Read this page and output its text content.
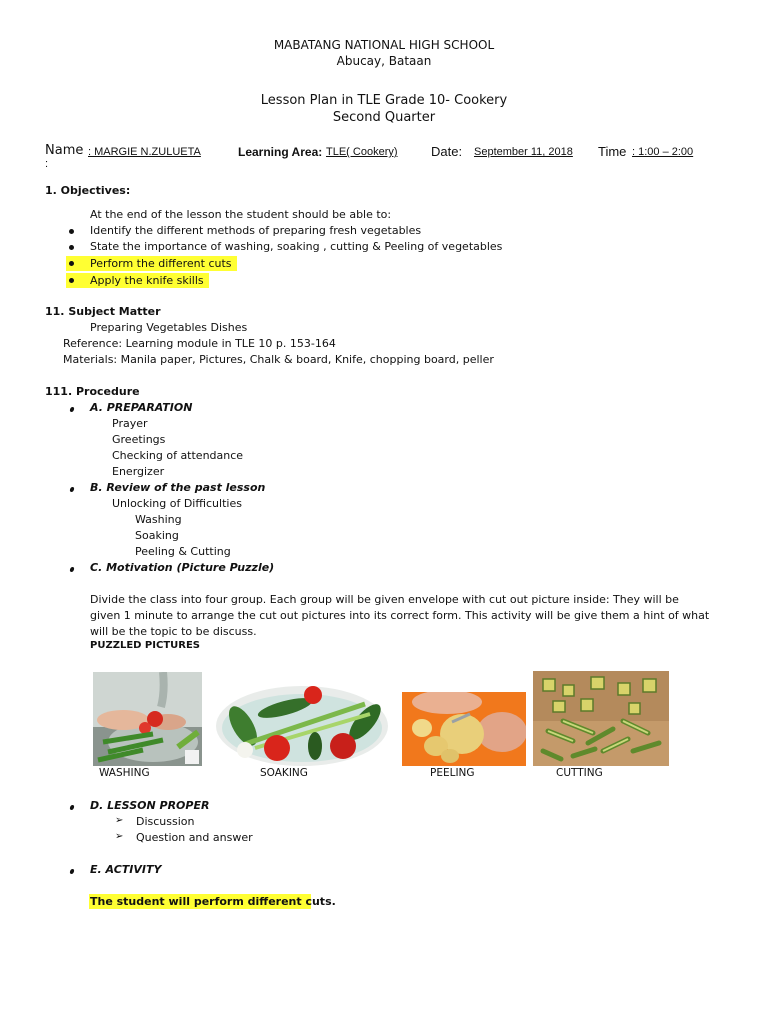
MABATANG NATIONAL HIGH SCHOOL
Abucay, Bataan
Lesson Plan in TLE Grade 10- Cookery
Second Quarter
Name : MARGIE N.ZULUETA	Learning Area: TLE( Cookery)	Date: September 11, 2018 Time : 1:00 – 2:00
:
1. Objectives:
At the end of the lesson the student should be able to:
Identify the different methods of preparing fresh vegetables
State the importance of washing, soaking , cutting & Peeling of vegetables
Perform the different cuts
Apply the knife skills
11. Subject Matter
Preparing Vegetables Dishes
Reference: Learning module in TLE 10 p. 153-164
Materials: Manila paper, Pictures, Chalk & board, Knife, chopping board, peller
111. Procedure
A. PREPARATION
Prayer
Greetings
Checking of attendance
Energizer
B. Review of the past lesson
Unlocking of Difficulties
Washing
Soaking
Peeling & Cutting
C. Motivation (Picture Puzzle)
Divide the class into four group. Each group will be given envelope with cut out picture inside: They will be
given 1 minute to arrange the cut out pictures into its correct form. This activity will be give them a hint of what
will be the topic to be discuss.
PUZZLED PICTURES
WASHING	SOAKING	PEELING	CUTTING
D. LESSON PROPER
➢ Discussion
➢ Question and answer
E. ACTIVITY
The student will perform different cuts.
